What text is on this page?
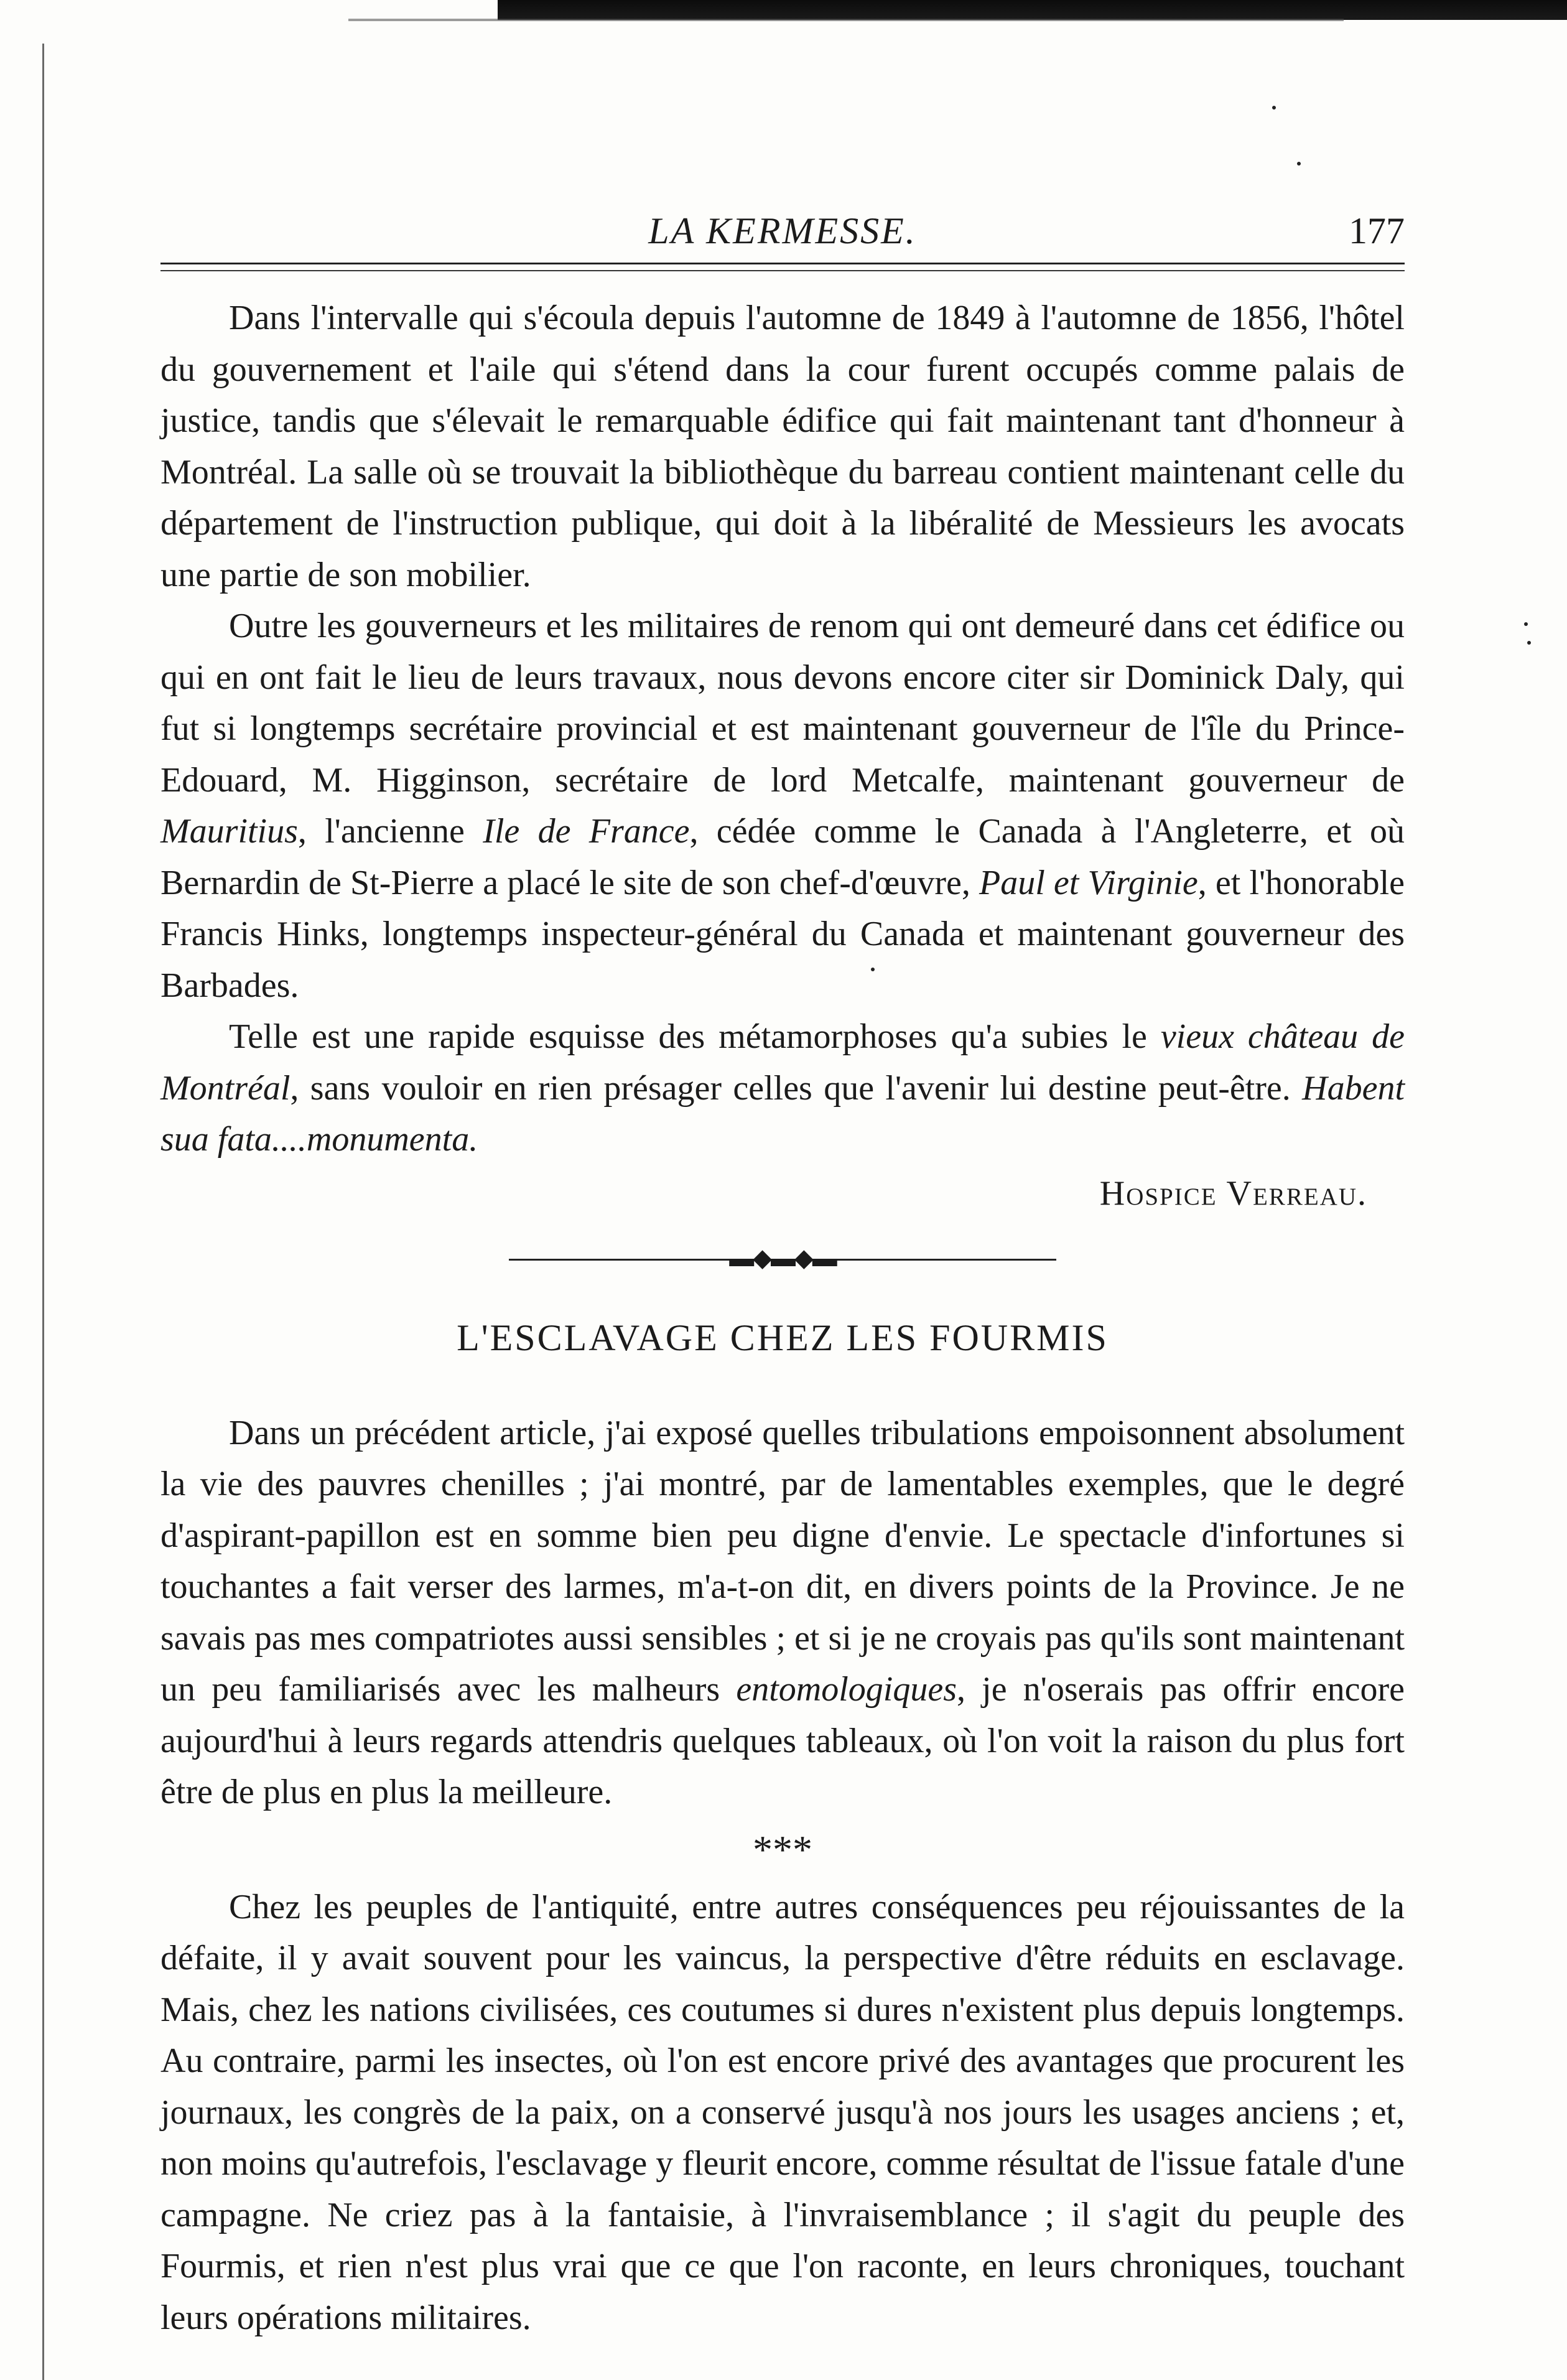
LA KERMESSE.	177

Dans l'intervalle qui s'écoula depuis l'automne de 1849 à l'automne de 1856, l'hôtel du gouvernement et l'aile qui s'étend dans la cour furent occupés comme palais de justice, tandis que s'élevait le remarquable édifice qui fait maintenant tant d'honneur à Montréal. La salle où se trouvait la bibliothèque du barreau contient maintenant celle du département de l'instruction publique, qui doit à la libéralité de Messieurs les avocats une partie de son mobilier.

Outre les gouverneurs et les militaires de renom qui ont demeuré dans cet édifice ou qui en ont fait le lieu de leurs travaux, nous devons encore citer sir Dominick Daly, qui fut si longtemps secrétaire provincial et est maintenant gouverneur de l'île du Prince-Edouard, M. Higginson, secrétaire de lord Metcalfe, maintenant gouverneur de Mauritius, l'ancienne Ile de France, cédée comme le Canada à l'Angleterre, et où Bernardin de St-Pierre a placé le site de son chef-d'œuvre, Paul et Virginie, et l'honorable Francis Hinks, longtemps inspecteur-général du Canada et maintenant gouverneur des Barbades.

Telle est une rapide esquisse des métamorphoses qu'a subies le vieux château de Montréal, sans vouloir en rien présager celles que l'avenir lui destine peut-être. Habent sua fata....monumenta.

Hospice Verreau.
▬◆▬◆▬
L'ESCLAVAGE CHEZ LES FOURMIS

Dans un précédent article, j'ai exposé quelles tribulations empoisonnent absolument la vie des pauvres chenilles ; j'ai montré, par de lamentables exemples, que le degré d'aspirant-papillon est en somme bien peu digne d'envie. Le spectacle d'infortunes si touchantes a fait verser des larmes, m'a-t-on dit, en divers points de la Province. Je ne savais pas mes compatriotes aussi sensibles ; et si je ne croyais pas qu'ils sont maintenant un peu familiarisés avec les malheurs entomologiques, je n'oserais pas offrir encore aujourd'hui à leurs regards attendris quelques tableaux, où l'on voit la raison du plus fort être de plus en plus la meilleure.

***

Chez les peuples de l'antiquité, entre autres conséquences peu réjouissantes de la défaite, il y avait souvent pour les vaincus, la perspective d'être réduits en esclavage. Mais, chez les nations civilisées, ces coutumes si dures n'existent plus depuis longtemps. Au contraire, parmi les insectes, où l'on est encore privé des avantages que procurent les journaux, les congrès de la paix, on a conservé jusqu'à nos jours les usages anciens ; et, non moins qu'autrefois, l'esclavage y fleurit encore, comme résultat de l'issue fatale d'une campagne. Ne criez pas à la fantaisie, à l'invraisemblance ; il s'agit du peuple des Fourmis, et rien n'est plus vrai que ce que l'on raconte, en leurs chroniques, touchant leurs opérations militaires.
